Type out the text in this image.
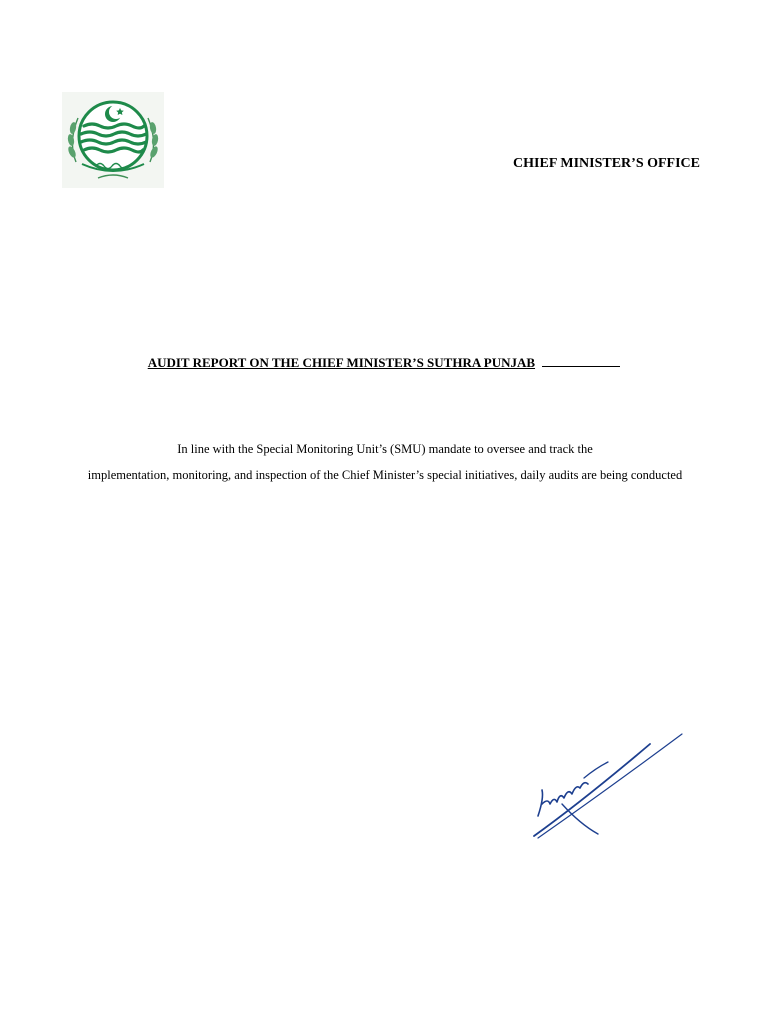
CHIEF MINISTER’S OFFICE
AUDIT REPORT ON THE CHIEF MINISTER’S SUTHRA PUNJAB
In line with the Special Monitoring Unit’s (SMU) mandate to oversee and track the
implementation, monitoring, and inspection of the Chief Minister’s special initiatives, daily audits are being conducted
